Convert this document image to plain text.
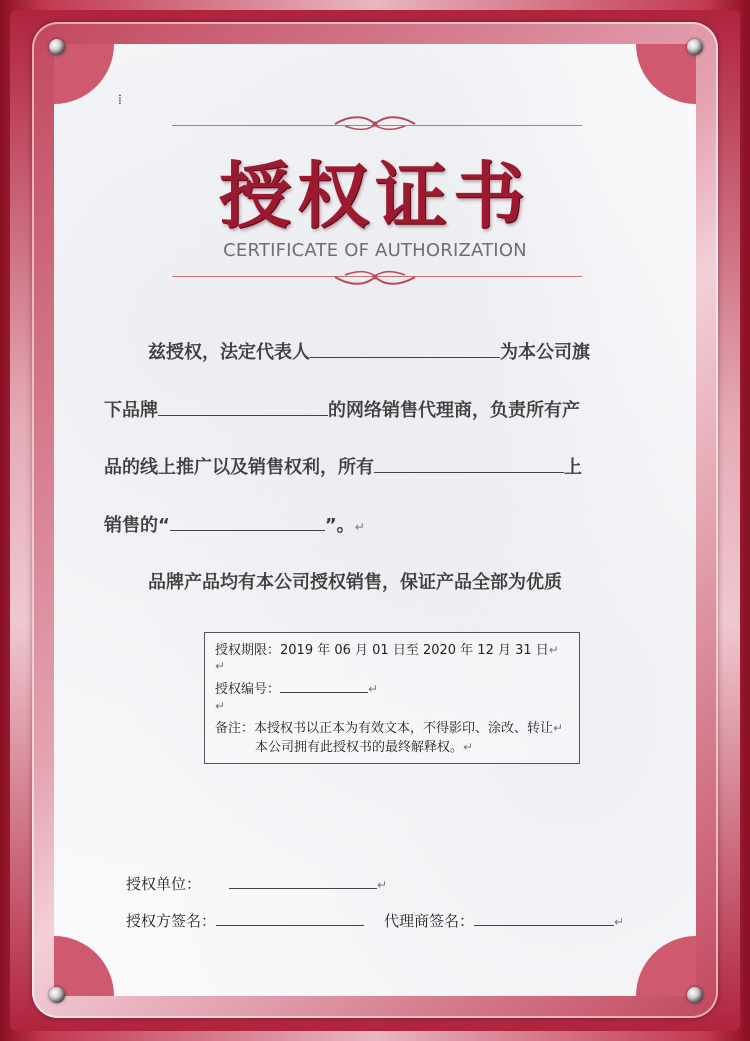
⁞
授权证书
CERTIFICATE OF AUTHORIZATION
兹授权，法定代表人	为本公司旗
下品牌	的网络销售代理商，负责所有产
品的线上推广以及销售权利，所有	上
销售的“	”。↵
品牌产品均有本公司授权销售，保证产品全部为优质
授权期限：2019 年 06 月 01 日至 2020 年 12 月 31 日↵
↵
授权编号：	↵
↵
备注：本授权书以正本为有效文本，不得影印、涂改、转让↵
本公司拥有此授权书的最终解释权。↵
授权单位：	↵
授权方签名：	代理商签名：	↵
